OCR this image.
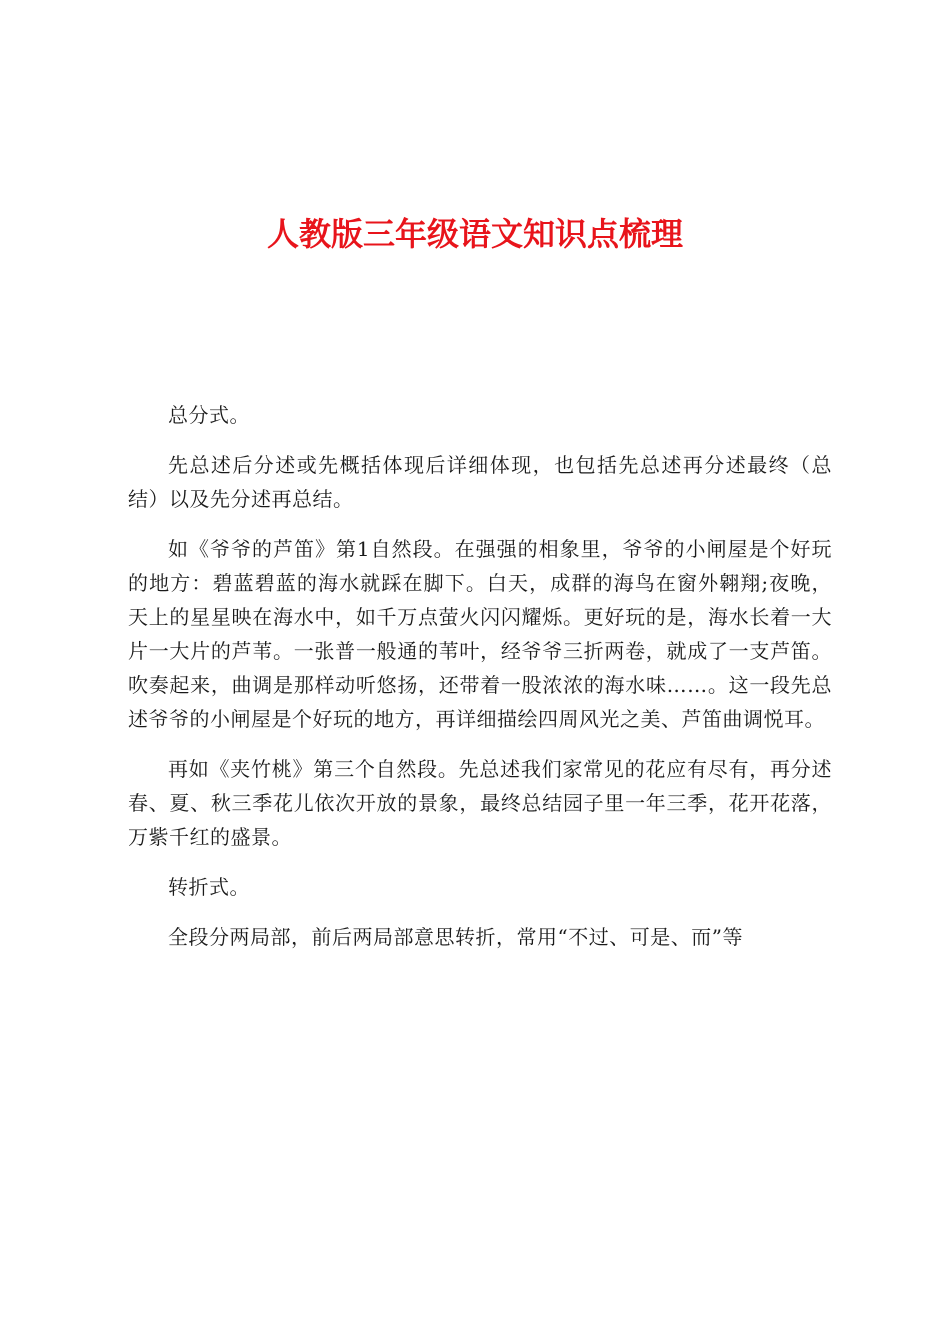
人教版三年级语文知识点梳理

总分式。

先总述后分述或先概括体现后详细体现，也包括先总述再分述最终（总结）以及先分述再总结。

如《爷爷的芦笛》第1自然段。在强强的相象里，爷爷的小闸屋是个好玩的地方：碧蓝碧蓝的海水就踩在脚下。白天，成群的海鸟在窗外翱翔;夜晚，天上的星星映在海水中，如千万点萤火闪闪耀烁。更好玩的是，海水长着一大片一大片的芦苇。一张普一般通的苇叶，经爷爷三折两卷，就成了一支芦笛。吹奏起来，曲调是那样动听悠扬，还带着一股浓浓的海水味……。这一段先总述爷爷的小闸屋是个好玩的地方，再详细描绘四周风光之美、芦笛曲调悦耳。

再如《夹竹桃》第三个自然段。先总述我们家常见的花应有尽有，再分述春、夏、秋三季花儿依次开放的景象，最终总结园子里一年三季，花开花落，万紫千红的盛景。

转折式。

全段分两局部，前后两局部意思转折，常用“不过、可是、而”等
